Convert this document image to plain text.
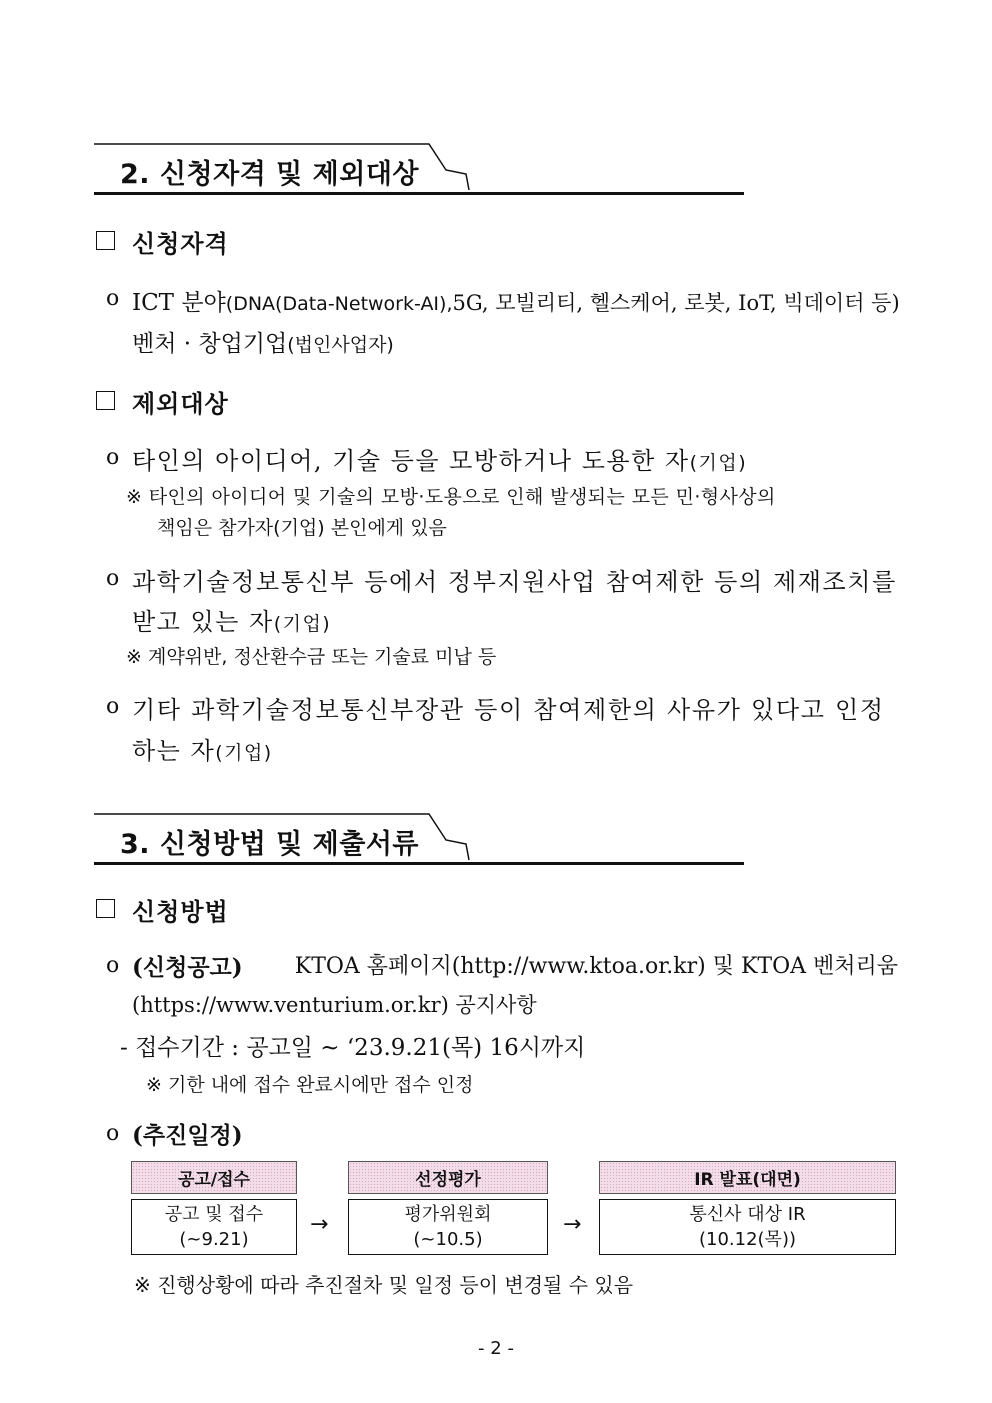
2. 신청자격 및 제외대상
신청자격
o ICT 분야(DNA(Data-Network-AI), 5G, 모빌리티, 헬스케어, 로봇, IoT, 빅데이터 등)
벤처 · 창업기업(법인사업자)
제외대상
o 타인의 아이디어, 기술 등을 모방하거나 도용한 자(기업)
※ 타인의 아이디어 및 기술의 모방·도용으로 인해 발생되는 모든 민·형사상의
책임은 참가자(기업) 본인에게 있음
o 과학기술정보통신부 등에서 정부지원사업 참여제한 등의 제재조치를
받고 있는 자(기업)
※ 계약위반, 정산환수금 또는 기술료 미납 등
o 기타 과학기술정보통신부장관 등이 참여제한의 사유가 있다고 인정
하는 자(기업)
3. 신청방법 및 제출서류
신청방법
o (신청공고) KTOA 홈페이지(http://www.ktoa.or.kr) 및 KTOA 벤처리움
(https://www.venturium.or.kr) 공지사항
- 접수기간 : 공고일 ~ ‘23.9.21(목) 16시까지
※ 기한 내에 접수 완료시에만 접수 인정
o (추진일정)
공고/접수
공고 및 접수
(~9.21)
→
선정평가
평가위원회
(~10.5)
→
IR 발표(대면)
통신사 대상 IR
(10.12(목))
※ 진행상황에 따라 추진절차 및 일정 등이 변경될 수 있음
- 2 -
